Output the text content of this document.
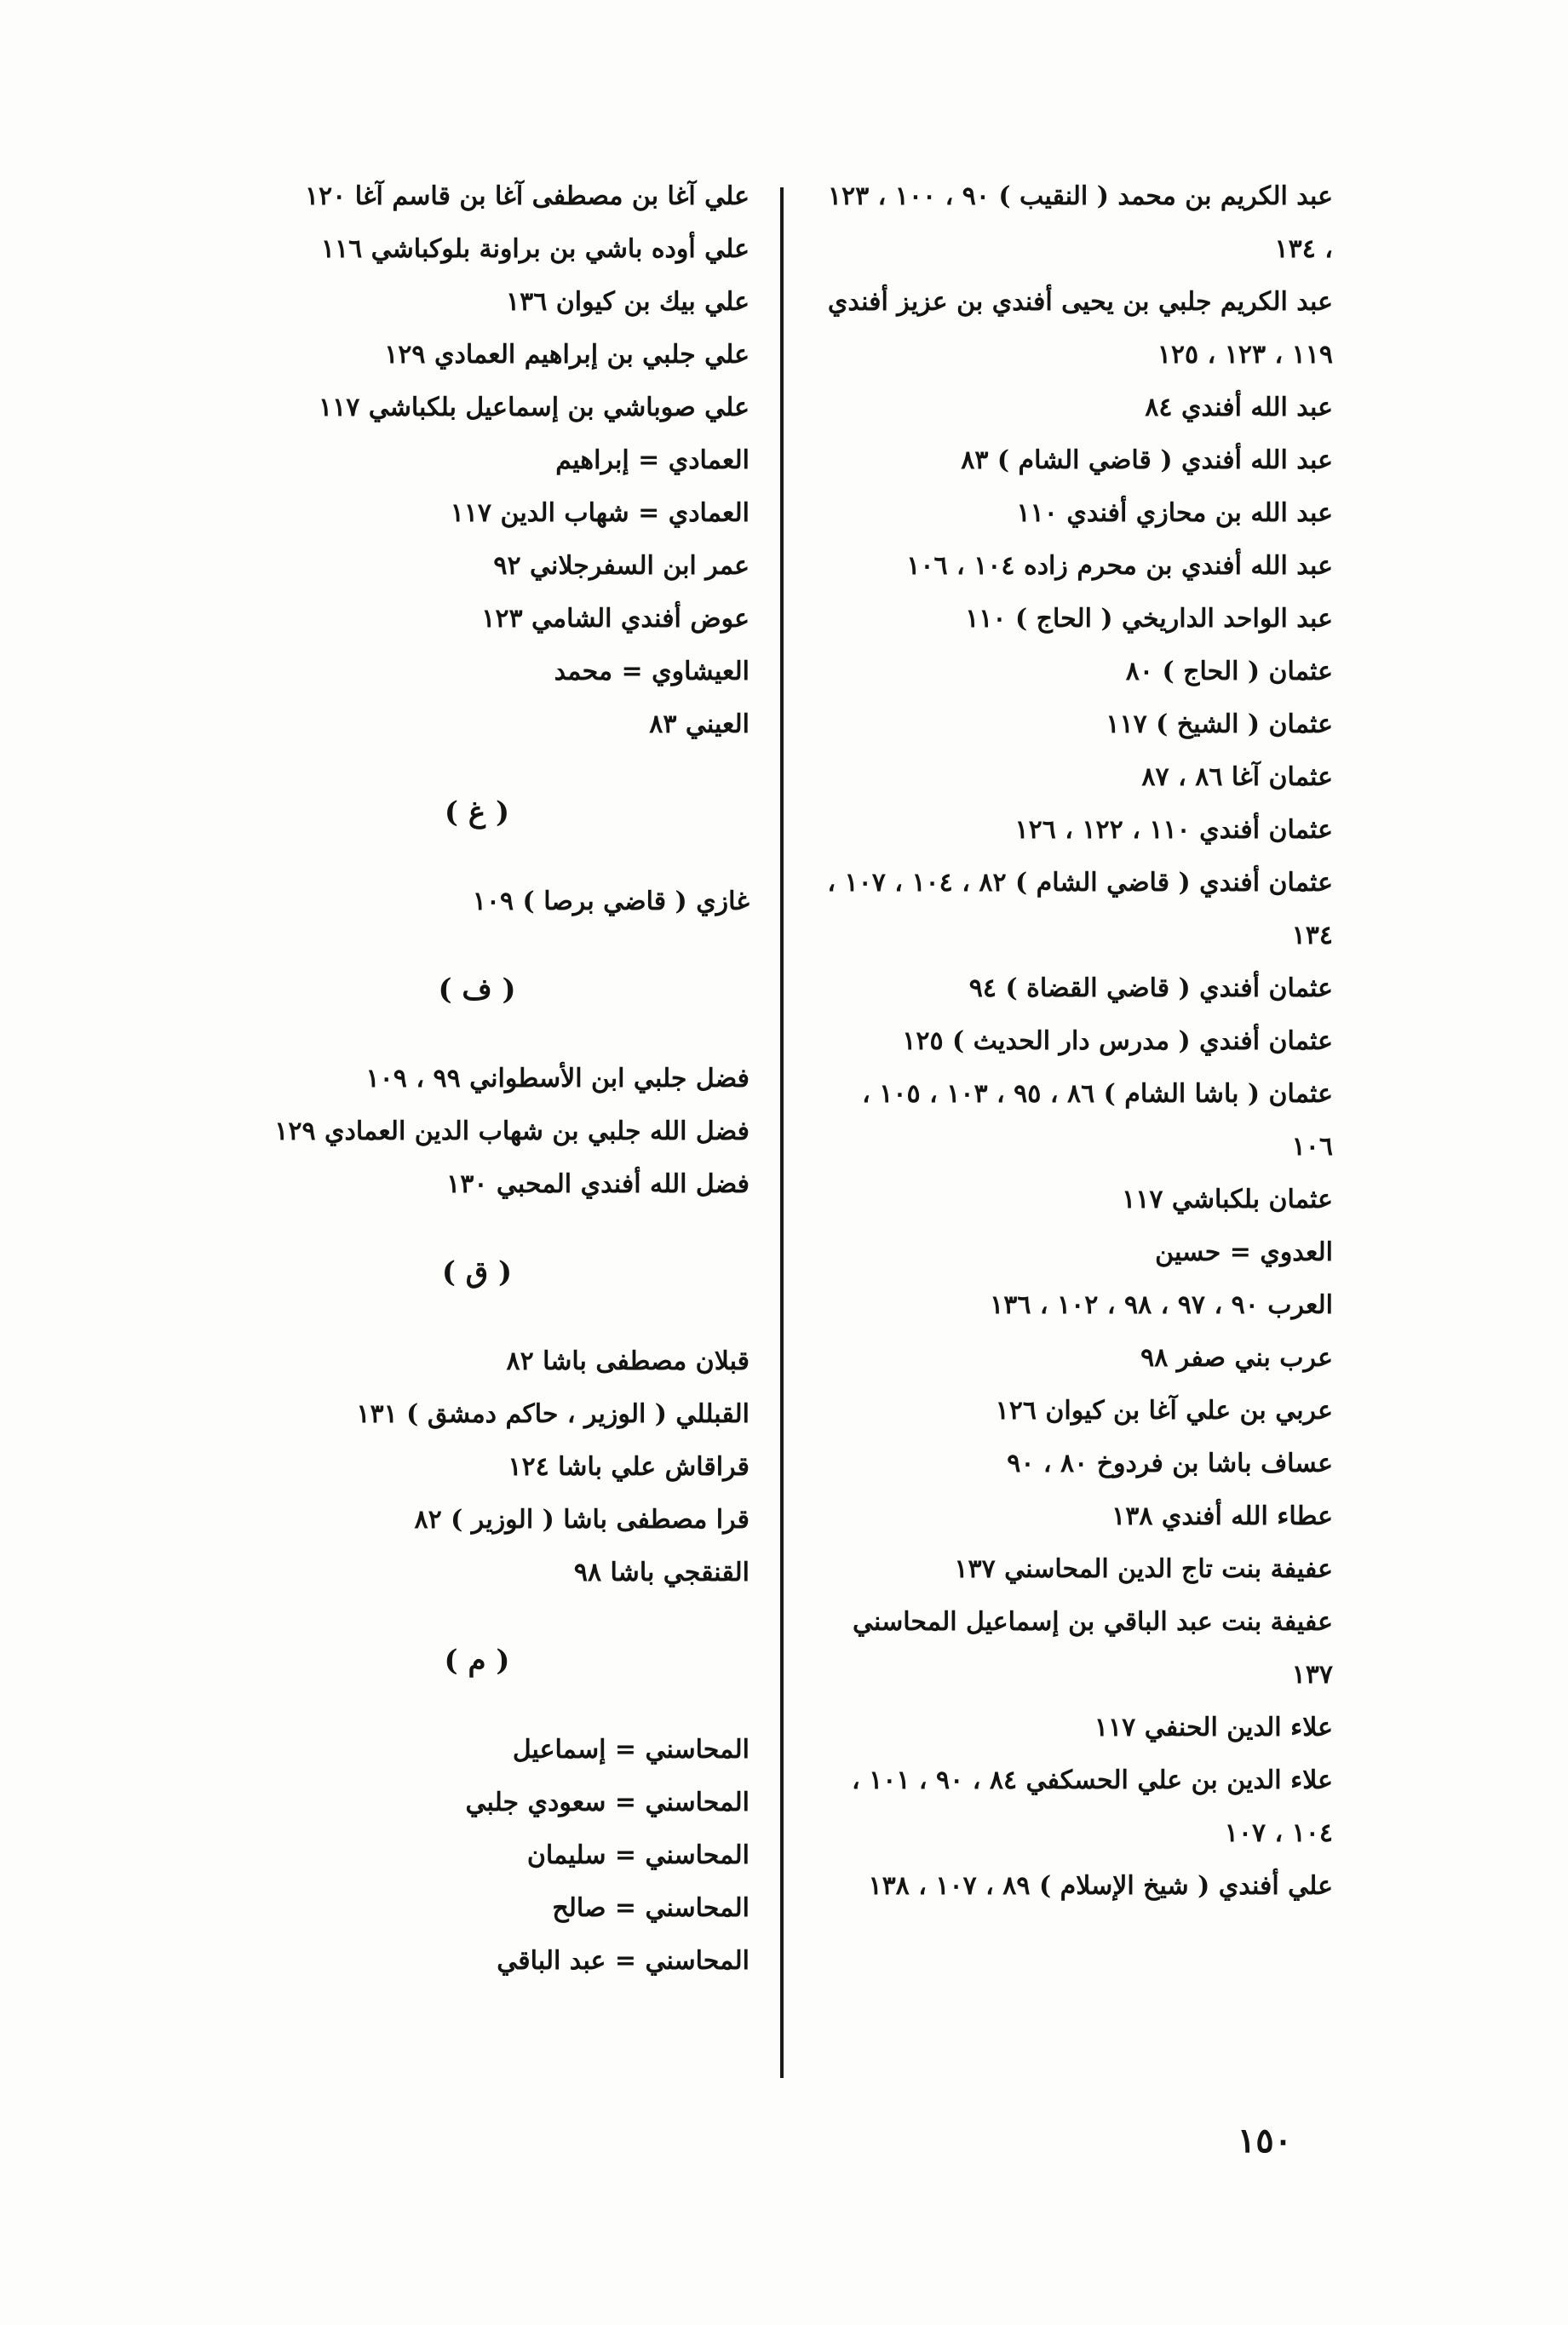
عبد الكريم بن محمد ( النقيب ) ٩٠ ، ١٠٠ ، ١٢٣ ، ١٣٤
عبد الكريم جلبي بن يحيى أفندي بن عزيز أفندي ١١٩ ، ١٢٣ ، ١٢٥
عبد الله أفندي ٨٤
عبد الله أفندي ( قاضي الشام ) ٨٣
عبد الله بن محازي أفندي ١١٠
عبد الله أفندي بن محرم زاده ١٠٤ ، ١٠٦
عبد الواحد الداريخي ( الحاج ) ١١٠
عثمان ( الحاج ) ٨٠
عثمان ( الشيخ ) ١١٧
عثمان آغا ٨٦ ، ٨٧
عثمان أفندي ١١٠ ، ١٢٢ ، ١٢٦
عثمان أفندي ( قاضي الشام ) ٨٢ ، ١٠٤ ، ١٠٧ ، ١٣٤
عثمان أفندي ( قاضي القضاة ) ٩٤
عثمان أفندي ( مدرس دار الحديث ) ١٢٥
عثمان ( باشا الشام ) ٨٦ ، ٩٥ ، ١٠٣ ، ١٠٥ ، ١٠٦
عثمان بلكباشي ١١٧
العدوي = حسين
العرب ٩٠ ، ٩٧ ، ٩٨ ، ١٠٢ ، ١٣٦
عرب بني صفر ٩٨
عربي بن علي آغا بن كيوان ١٢٦
عساف باشا بن فردوخ ٨٠ ، ٩٠
عطاء الله أفندي ١٣٨
عفيفة بنت تاج الدين المحاسني ١٣٧
عفيفة بنت عبد الباقي بن إسماعيل المحاسني ١٣٧
علاء الدين الحنفي ١١٧
علاء الدين بن علي الحسكفي ٨٤ ، ٩٠ ، ١٠١ ، ١٠٤ ، ١٠٧
علي أفندي ( شيخ الإسلام ) ٨٩ ، ١٠٧ ، ١٣٨
علي آغا بن مصطفى آغا بن قاسم آغا ١٢٠
علي أوده باشي بن براونة بلوكباشي ١١٦
علي بيك بن كيوان ١٣٦
علي جلبي بن إبراهيم العمادي ١٢٩
علي صوباشي بن إسماعيل بلكباشي ١١٧
العمادي = إبراهيم
العمادي = شهاب الدين ١١٧
عمر ابن السفرجلاني ٩٢
عوض أفندي الشامي ١٢٣
العيشاوي = محمد
العيني ٨٣
( غ )
غازي ( قاضي برصا ) ١٠٩
( ف )
فضل جلبي ابن الأسطواني ٩٩ ، ١٠٩
فضل الله جلبي بن شهاب الدين العمادي ١٢٩
فضل الله أفندي المحبي ١٣٠
( ق )
قبلان مصطفى باشا ٨٢
القبللي ( الوزير ، حاكم دمشق ) ١٣١
قراقاش علي باشا ١٢٤
قرا مصطفى باشا ( الوزير ) ٨٢
القنقجي باشا ٩٨
( م )
المحاسني = إسماعيل
المحاسني = سعودي جلبي
المحاسني = سليمان
المحاسني = صالح
المحاسني = عبد الباقي
١٥٠
